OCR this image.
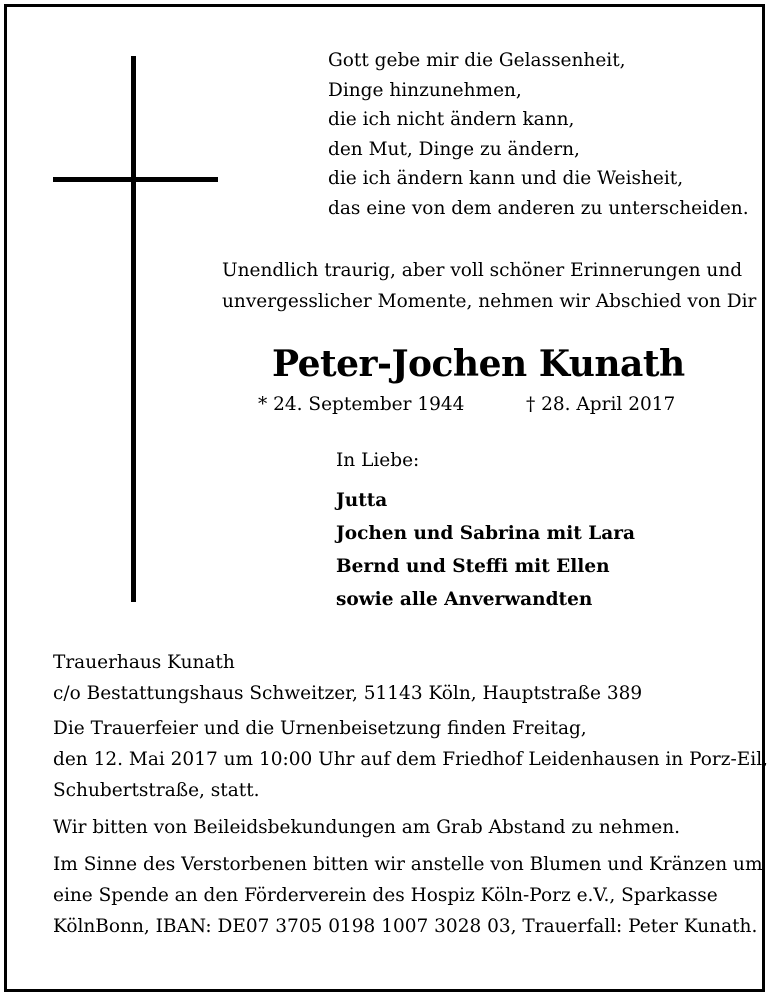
Gott gebe mir die Gelassenheit,
Dinge hinzunehmen,
die ich nicht ändern kann,
den Mut, Dinge zu ändern,
die ich ändern kann und die Weisheit,
das eine von dem anderen zu unterscheiden.
Unendlich traurig, aber voll schöner Erinnerungen und
unvergesslicher Momente, nehmen wir Abschied von Dir
Peter-Jochen Kunath
* 24. September 1944	† 28. April 2017
In Liebe:
Jutta
Jochen und Sabrina mit Lara
Bernd und Steffi mit Ellen
sowie alle Anverwandten
Trauerhaus Kunath
c/o Bestattungshaus Schweitzer, 51143 Köln, Hauptstraße 389
Die Trauerfeier und die Urnenbeisetzung finden Freitag,
den 12. Mai 2017 um 10:00 Uhr auf dem Friedhof Leidenhausen in Porz-Eil,
Schubertstraße, statt.
Wir bitten von Beileidsbekundungen am Grab Abstand zu nehmen.
Im Sinne des Verstorbenen bitten wir anstelle von Blumen und Kränzen um
eine Spende an den Förderverein des Hospiz Köln-Porz e.V., Sparkasse
KölnBonn, IBAN: DE07 3705 0198 1007 3028 03, Trauerfall: Peter Kunath.
